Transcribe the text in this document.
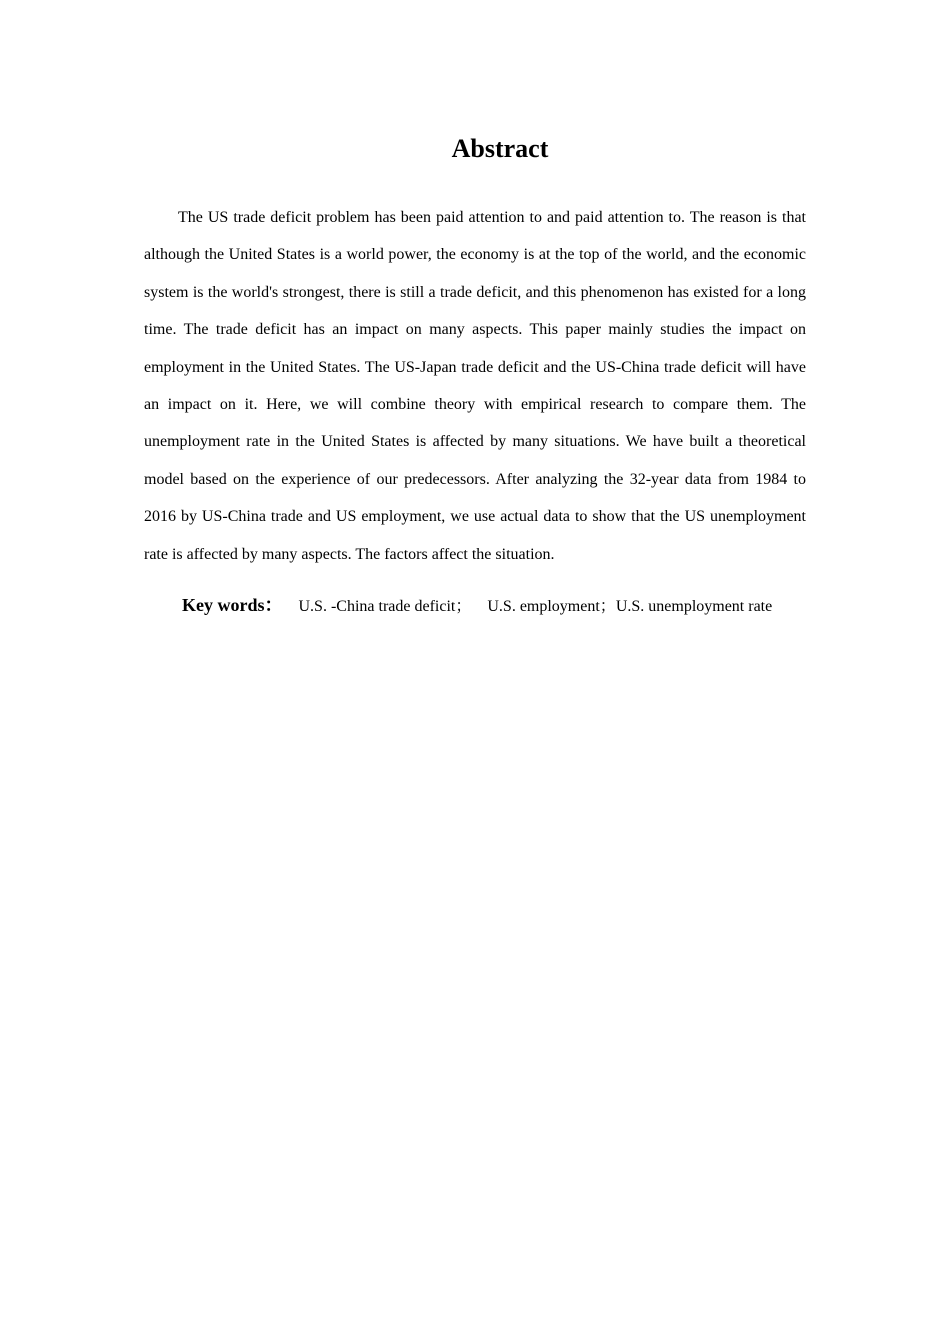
Abstract

The US trade deficit problem has been paid attention to and paid attention to. The reason is that although the United States is a world power, the economy is at the top of the world, and the economic system is the world's strongest, there is still a trade deficit, and this phenomenon has existed for a long time. The trade deficit has an impact on many aspects. This paper mainly studies the impact on employment in the United States. The US-Japan trade deficit and the US-China trade deficit will have an impact on it. Here, we will combine theory with empirical research to compare them. The unemployment rate in the United States is affected by many situations. We have built a theoretical model based on the experience of our predecessors. After analyzing the 32-year data from 1984 to 2016 by US-China trade and US employment, we use actual data to show that the US unemployment rate is affected by many aspects. The factors affect the situation.

Key words： U.S. -China trade deficit； U.S. employment；U.S. unemployment rate
